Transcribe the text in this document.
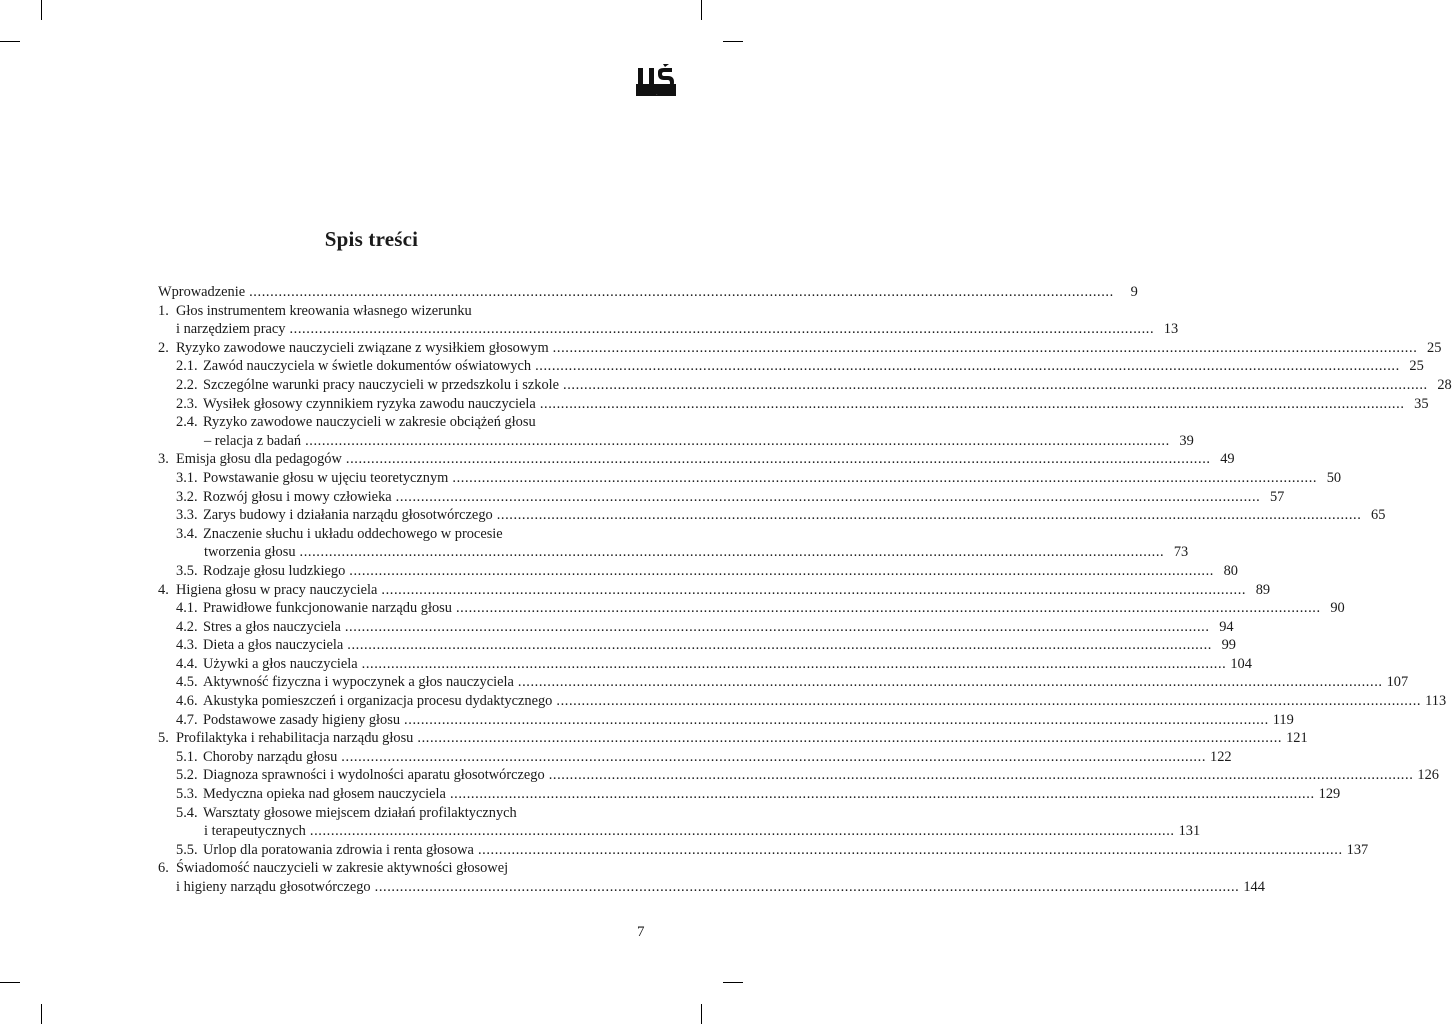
UŚ
Spis treści
Wprowadzenie .....	9
1. Głos instrumentem kreowania własnego wizerunku
i narzędziem pracy .....	13
2. Ryzyko zawodowe nauczycieli związane z wysiłkiem głosowym .....	25
2.1. Zawód nauczyciela w świetle dokumentów oświatowych .....	25
2.2. Szczególne warunki pracy nauczycieli w przedszkolu i szkole .....	28
2.3. Wysiłek głosowy czynnikiem ryzyka zawodu nauczyciela .....	35
2.4. Ryzyko zawodowe nauczycieli w zakresie obciążeń głosu
– relacja z badań .....	39
3. Emisja głosu dla pedagogów .....	49
3.1. Powstawanie głosu w ujęciu teoretycznym .....	50
3.2. Rozwój głosu i mowy człowieka .....	57
3.3. Zarys budowy i działania narządu głosotwórczego .....	65
3.4. Znaczenie słuchu i układu oddechowego w procesie
tworzenia głosu .....	73
3.5. Rodzaje głosu ludzkiego .....	80
4. Higiena głosu w pracy nauczyciela .....	89
4.1. Prawidłowe funkcjonowanie narządu głosu .....	90
4.2. Stres a głos nauczyciela .....	94
4.3. Dieta a głos nauczyciela .....	99
4.4. Używki a głos nauczyciela .....	104
4.5. Aktywność fizyczna i wypoczynek a głos nauczyciela .....	107
4.6. Akustyka pomieszczeń i organizacja procesu dydaktycznego .....	113
4.7. Podstawowe zasady higieny głosu .....	119
5. Profilaktyka i rehabilitacja narządu głosu .....	121
5.1. Choroby narządu głosu .....	122
5.2. Diagnoza sprawności i wydolności aparatu głosotwórczego .....	126
5.3. Medyczna opieka nad głosem nauczyciela .....	129
5.4. Warsztaty głosowe miejscem działań profilaktycznych
i terapeutycznych .....	131
5.5. Urlop dla poratowania zdrowia i renta głosowa .....	137
6. Świadomość nauczycieli w zakresie aktywności głosowej
i higieny narządu głosotwórczego .....	144
7
